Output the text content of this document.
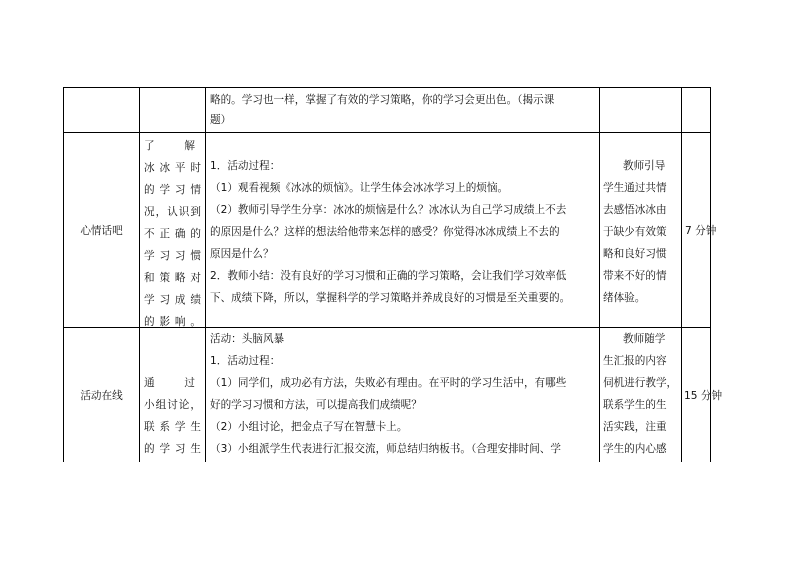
略的。学习也一样，掌握了有效的学习策略，你的学习会更出色。（揭示课
题）
心情话吧
了　解
冰 冰 平 时
的 学 习 情
况，认识到
不 正 确 的
学 习 习 惯
和 策 略 对
学 习 成 绩
的影响。
1．活动过程：
（1）观看视频《冰冰的烦恼》。让学生体会冰冰学习上的烦恼。
（2）教师引导学生分享：冰冰的烦恼是什么？冰冰认为自己学习成绩上不去
的原因是什么？这样的想法给他带来怎样的感受？你觉得冰冰成绩上不去的
原因是什么？
2．教师小结：没有良好的学习习惯和正确的学习策略，会让我们学习效率低
下、成绩下降，所以，掌握科学的学习策略并养成良好的习惯是至关重要的。
教师引导
学生通过共情
去感悟冰冰由
于缺少有效策
略和良好习惯
带来不好的情
绪体验。
7 分钟
活动在线
通　过
小组讨论，
联 系 学 生
的 学 习 生
活动：头脑风暴
1．活动过程：
（1）同学们，成功必有方法，失败必有理由。在平时的学习生活中，有哪些
好的学习习惯和方法，可以提高我们成绩呢？
（2）小组讨论，把金点子写在智慧卡上。
（3）小组派学生代表进行汇报交流，师总结归纳板书。（合理安排时间、学
教师随学
生汇报的内容
伺机进行教学，
联系学生的生
活实践，注重
学生的内心感
15 分钟
